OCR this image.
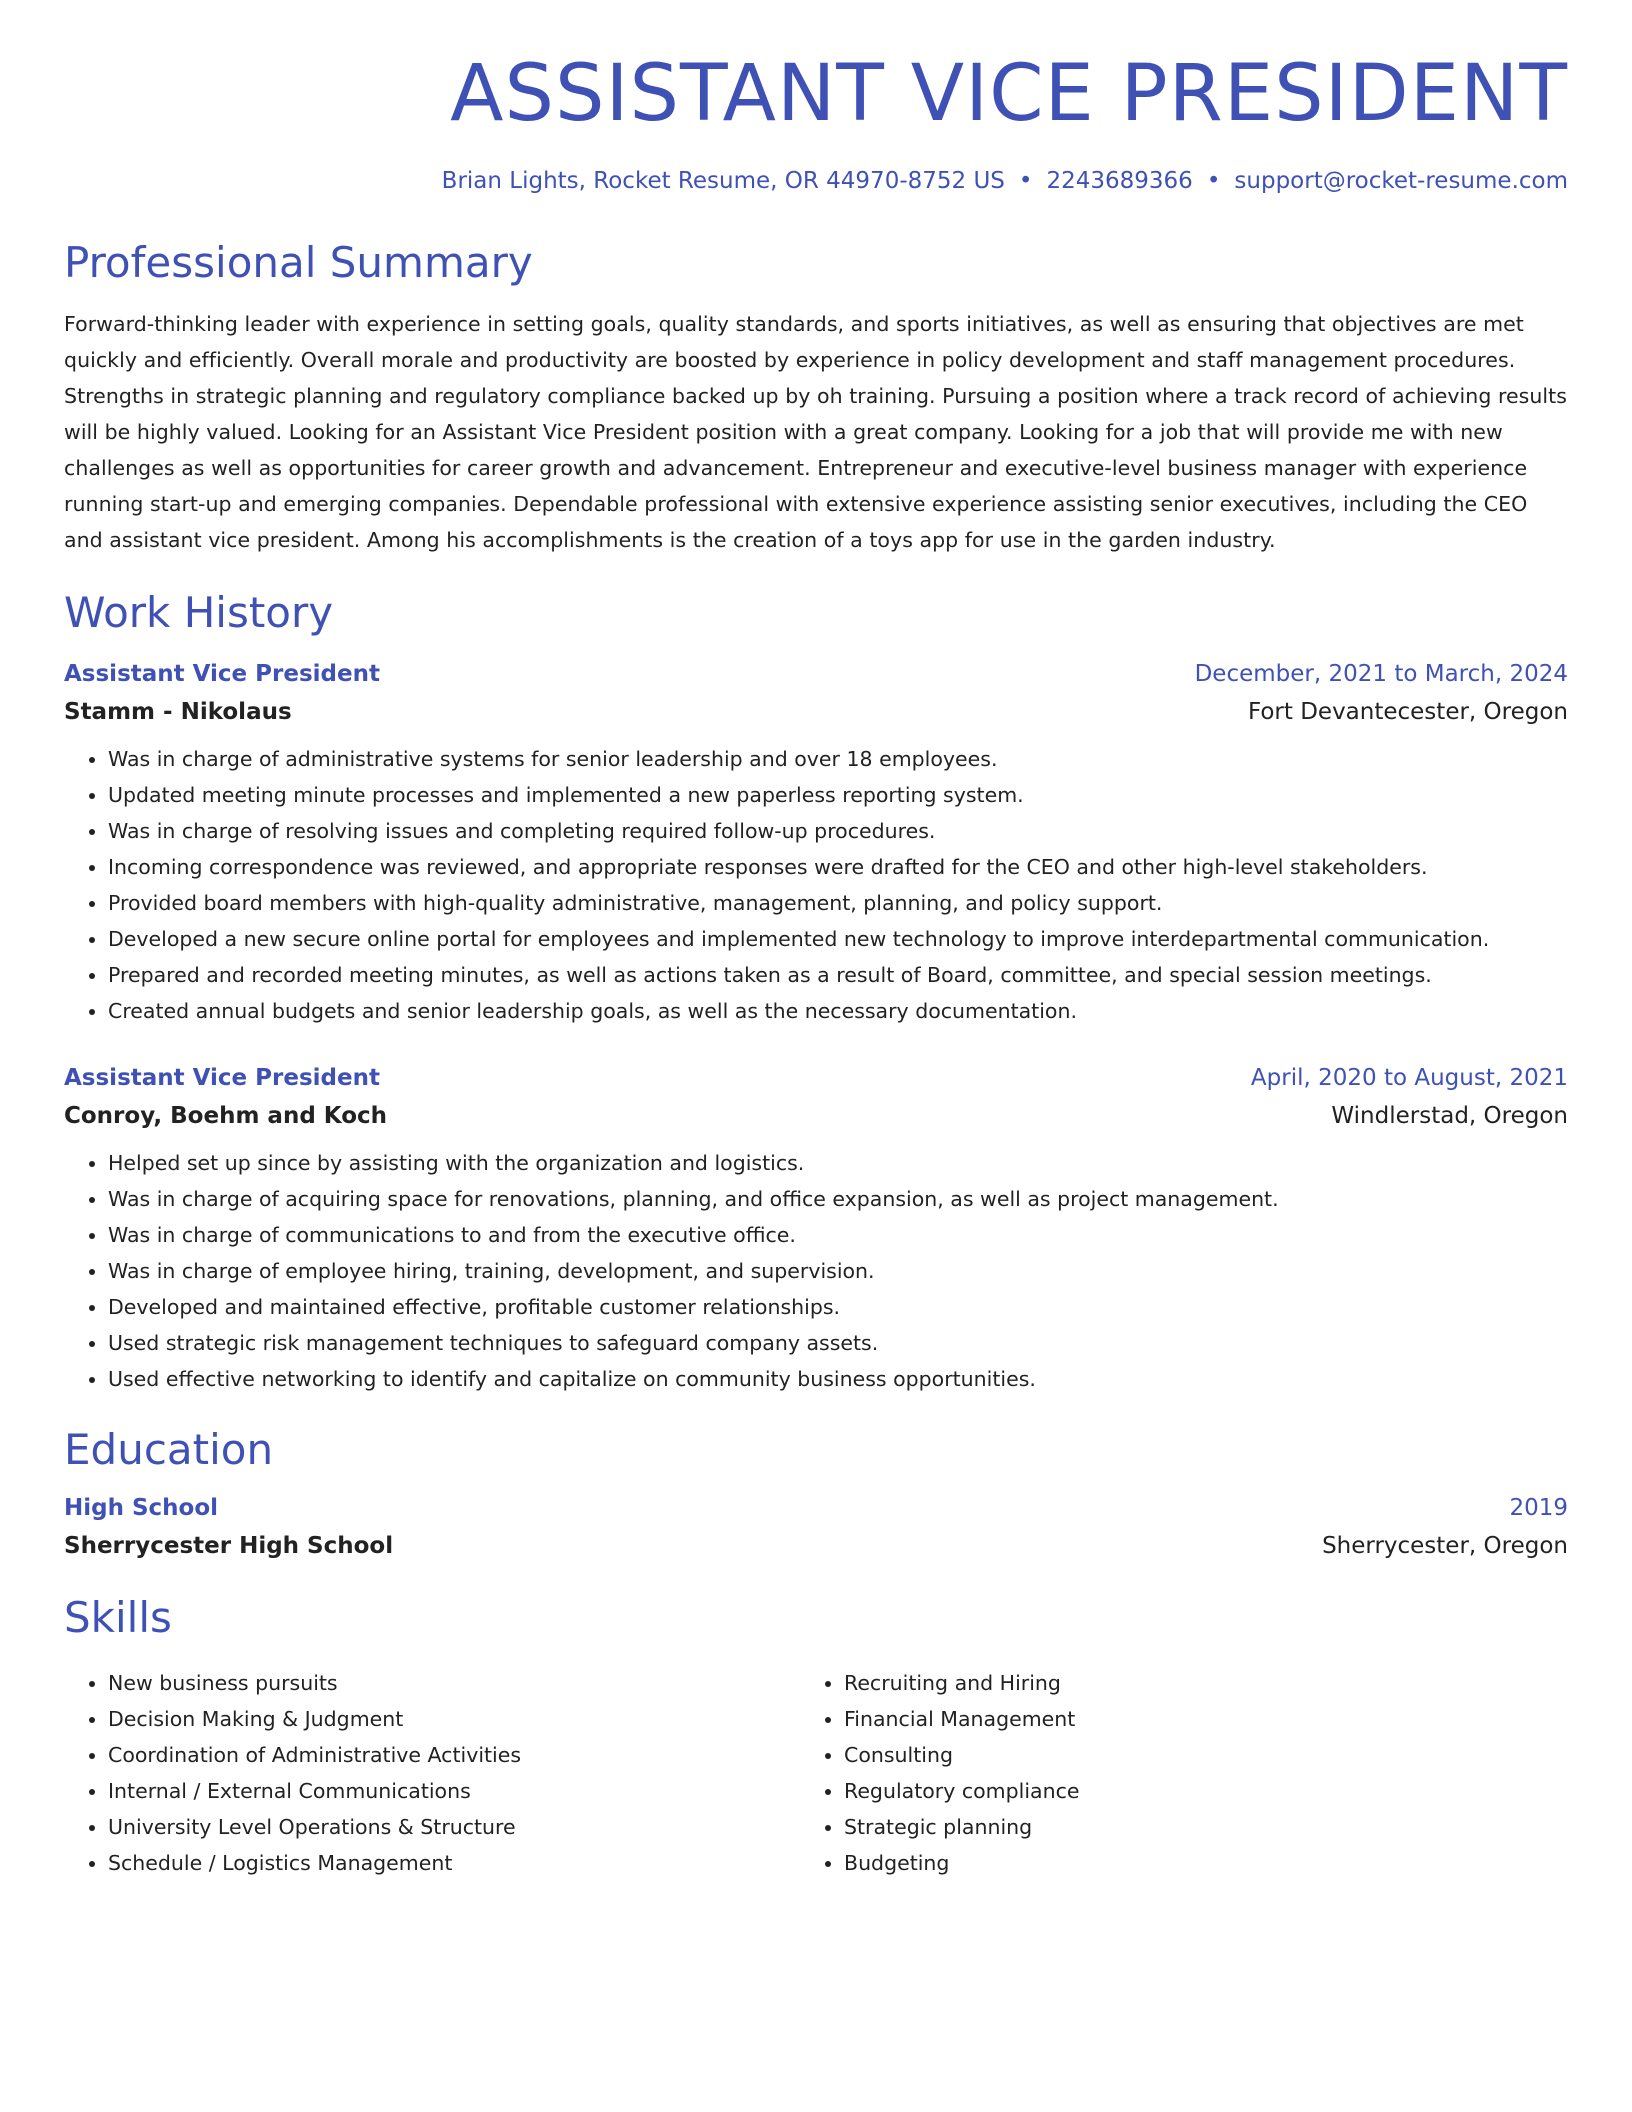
ASSISTANT VICE PRESIDENT
Brian Lights, Rocket Resume, OR 44970-8752 US • 2243689366 • support@rocket-resume.com
Professional Summary

Forward-thinking leader with experience in setting goals, quality standards, and sports initiatives, as well as ensuring that objectives are met quickly and efficiently. Overall morale and productivity are boosted by experience in policy development and staff management procedures. Strengths in strategic planning and regulatory compliance backed up by oh training. Pursuing a position where a track record of achieving results will be highly valued. Looking for an Assistant Vice President position with a great company. Looking for a job that will provide me with new challenges as well as opportunities for career growth and advancement. Entrepreneur and executive-level business manager with experience running start-up and emerging companies. Dependable professional with extensive experience assisting senior executives, including the CEO and assistant vice president. Among his accomplishments is the creation of a toys app for use in the garden industry.

Work History
Assistant Vice President	December, 2021 to March, 2024
Stamm - Nikolaus	Fort Devantecester, Oregon
• Was in charge of administrative systems for senior leadership and over 18 employees.
• Updated meeting minute processes and implemented a new paperless reporting system.
• Was in charge of resolving issues and completing required follow-up procedures.
• Incoming correspondence was reviewed, and appropriate responses were drafted for the CEO and other high-level stakeholders.
• Provided board members with high-quality administrative, management, planning, and policy support.
• Developed a new secure online portal for employees and implemented new technology to improve interdepartmental communication.
• Prepared and recorded meeting minutes, as well as actions taken as a result of Board, committee, and special session meetings.
• Created annual budgets and senior leadership goals, as well as the necessary documentation.
Assistant Vice President	April, 2020 to August, 2021
Conroy, Boehm and Koch	Windlerstad, Oregon
• Helped set up since by assisting with the organization and logistics.
• Was in charge of acquiring space for renovations, planning, and office expansion, as well as project management.
• Was in charge of communications to and from the executive office.
• Was in charge of employee hiring, training, development, and supervision.
• Developed and maintained effective, profitable customer relationships.
• Used strategic risk management techniques to safeguard company assets.
• Used effective networking to identify and capitalize on community business opportunities.
Education
High School	2019
Sherrycester High School	Sherrycester, Oregon
Skills
• New business pursuits
• Decision Making & Judgment
• Coordination of Administrative Activities
• Internal / External Communications
• University Level Operations & Structure
• Schedule / Logistics Management
• Recruiting and Hiring
• Financial Management
• Consulting
• Regulatory compliance
• Strategic planning
• Budgeting
